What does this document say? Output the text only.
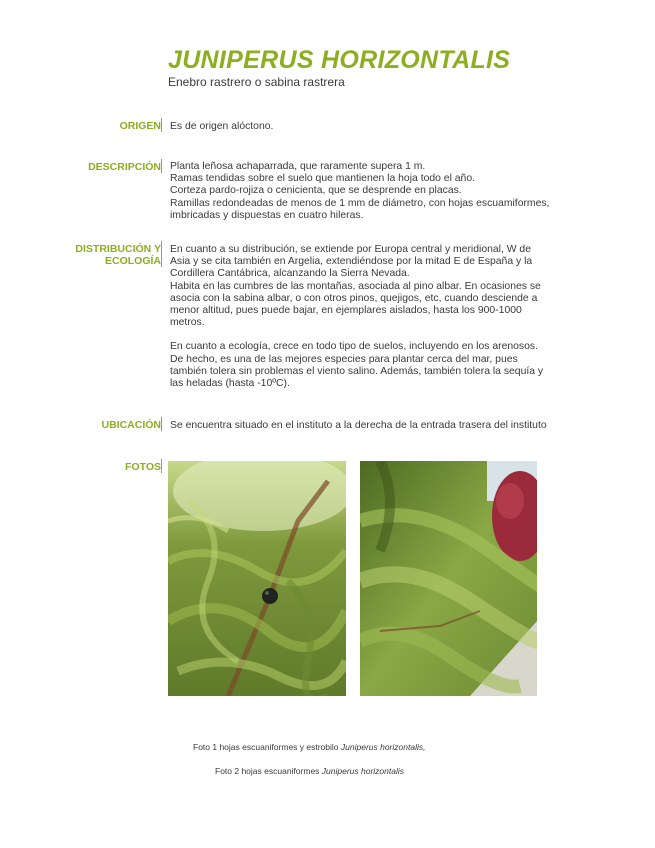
JUNIPERUS HORIZONTALIS
Enebro rastrero o sabina rastrera
ORIGEN Es de origen alóctono.
DESCRIPCIÓN Planta leñosa achaparrada, que raramente supera 1 m.
Ramas tendidas sobre el suelo que mantienen la hoja todo el año.
Corteza pardo-rojiza o cenicienta, que se desprende en placas.
Ramillas redondeadas de menos de 1 mm de diámetro, con hojas escuamiformes,
imbricadas y dispuestas en cuatro hileras.
DISTRIBUCIÓN Y
ECOLOGÍA
En cuanto a su distribución, se extiende por Europa central y meridional, W de
Asia y se cita también en Argelia, extendiéndose por la mitad E de España y la
Cordillera Cantábrica, alcanzando la Sierra Nevada.
Habita en las cumbres de las montañas, asociada al pino albar. En ocasiones se
asocia con la sabina albar, o con otros pinos, quejigos, etc, cuando desciende a
menor altitud, pues puede bajar, en ejemplares aislados, hasta los 900-1000
metros.
En cuanto a ecología, crece en todo tipo de suelos, incluyendo en los arenosos.
De hecho, es una de las mejores especies para plantar cerca del mar, pues
también tolera sin problemas el viento salino. Además, también tolera la sequía y
las heladas (hasta -10ºC).
UBICACIÓN Se encuentra situado en el instituto a la derecha de la entrada trasera del instituto
FOTOS
Foto 1 hojas escuaniformes y estrobilo Juniperus horizontalis,
Foto 2 hojas escuaniformes Juniperus horizontalis
